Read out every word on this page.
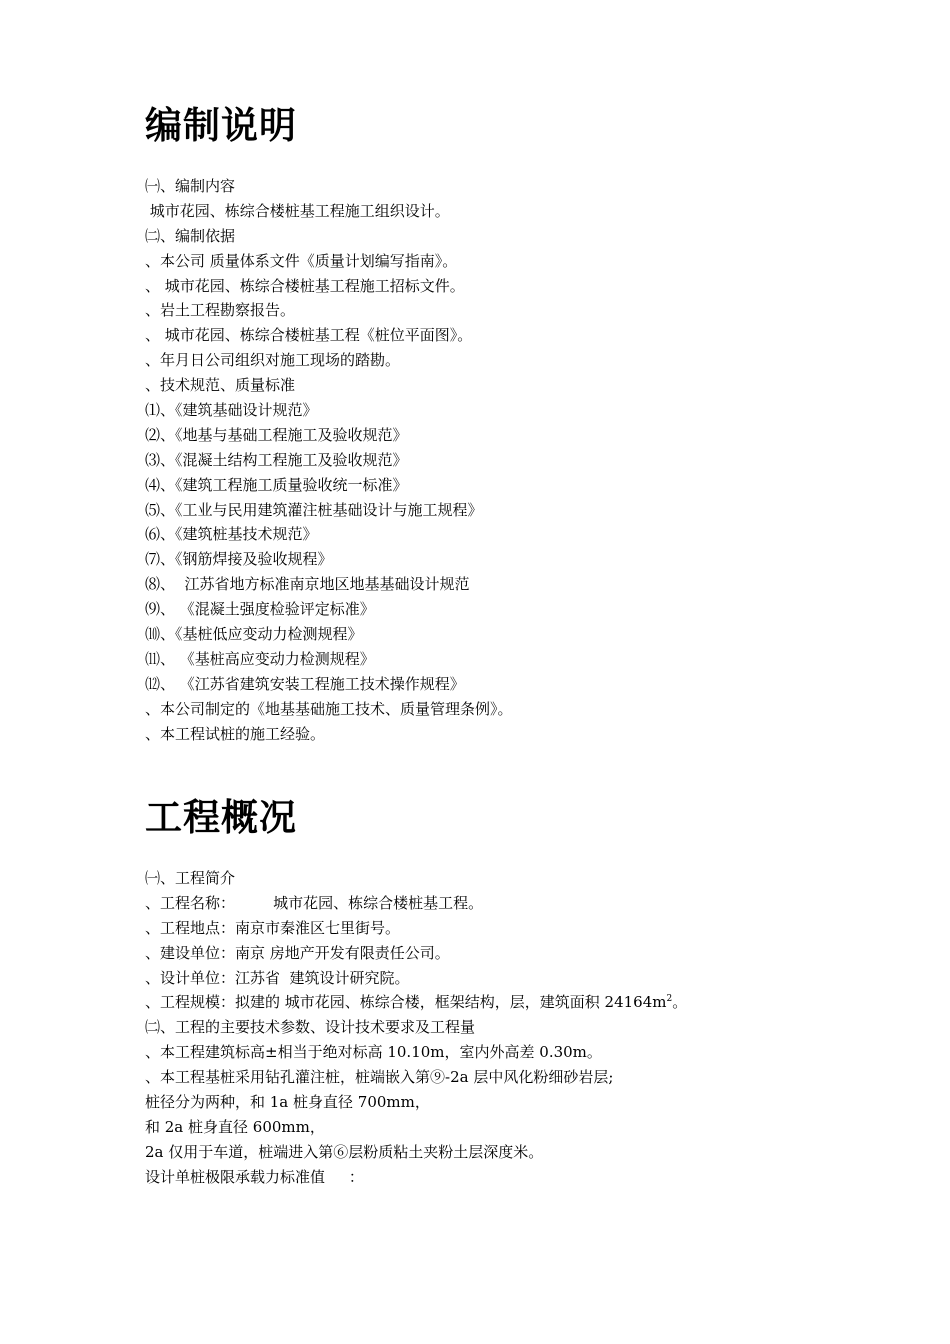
编制说明
㈠、编制内容
城市花园、栋综合楼桩基工程施工组织设计。
㈡、编制依据
、本公司 质量体系文件《质量计划编写指南》。
、 城市花园、栋综合楼桩基工程施工招标文件。
、岩土工程勘察报告。
、 城市花园、栋综合楼桩基工程《桩位平面图》。
、年月日公司组织对施工现场的踏勘。
、技术规范、质量标准
⑴、《建筑基础设计规范》
⑵、《地基与基础工程施工及验收规范》
⑶、《混凝土结构工程施工及验收规范》
⑷、《建筑工程施工质量验收统一标准》
⑸、《工业与民用建筑灌注桩基础设计与施工规程》
⑹、《建筑桩基技术规范》
⑺、《钢筋焊接及验收规程》
⑻、  江苏省地方标准南京地区地基基础设计规范
⑼、 《混凝土强度检验评定标准》
⑽、《基桩低应变动力检测规程》
⑾、 《基桩高应变动力检测规程》
⑿、 《江苏省建筑安装工程施工技术操作规程》
、本公司制定的《地基基础施工技术、质量管理条例》。
、本工程试桩的施工经验。
工程概况
㈠、工程简介
、工程名称：        城市花园、栋综合楼桩基工程。
、工程地点：南京市秦淮区七里街号。
、建设单位：南京 房地产开发有限责任公司。
、设计单位：江苏省  建筑设计研究院。
、工程规模：拟建的 城市花园、栋综合楼，框架结构，层，建筑面积 $24164m^2$。
㈡、工程的主要技术参数、设计技术要求及工程量
、本工程建筑标高±相当于绝对标高 10.10m，室内外高差 0.30m。
、本工程基桩采用钻孔灌注桩，桩端嵌入第⑨-2a 层中风化粉细砂岩层;
桩径分为两种，和 1a 桩身直径 700mm，
和 2a 桩身直径 600mm，
2a 仅用于车道，桩端进入第⑥层粉质粘土夹粉土层深度米。
设计单桩极限承载力标准值     ：
